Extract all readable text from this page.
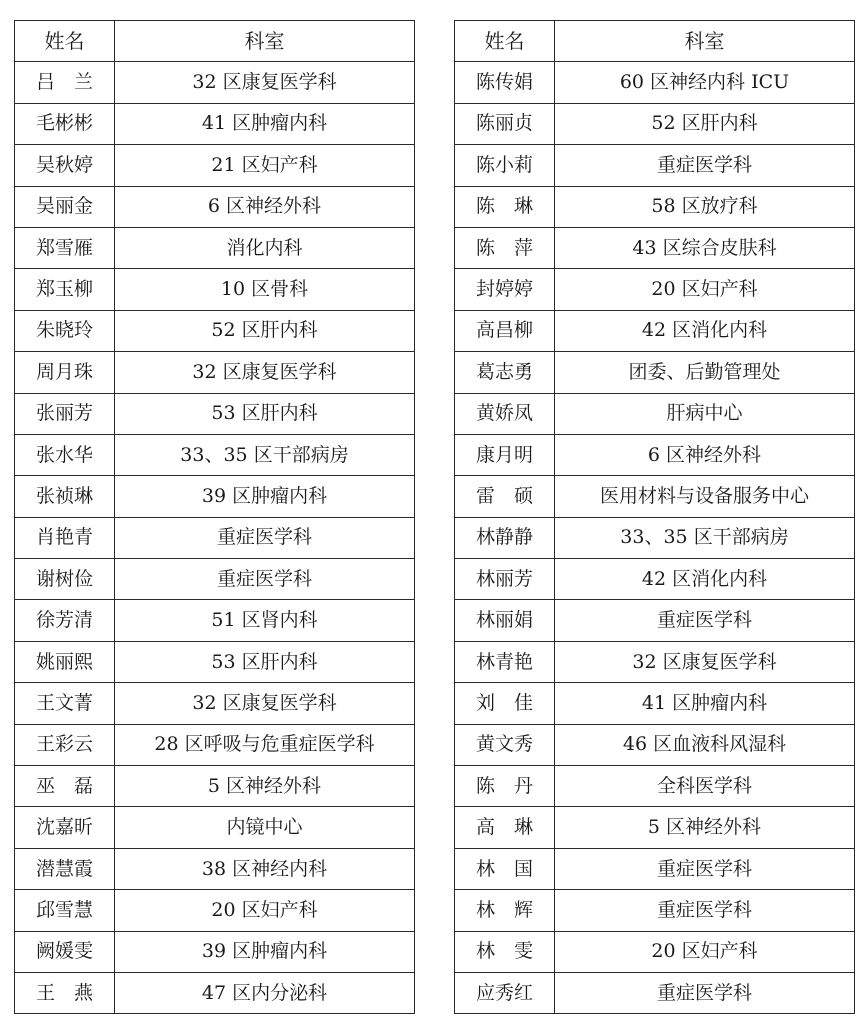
姓名	科室
吕　兰	32 区康复医学科
毛彬彬	41 区肿瘤内科
吴秋婷	21 区妇产科
吴丽金	6 区神经外科
郑雪雁	消化内科
郑玉柳	10 区骨科
朱晓玲	52 区肝内科
周月珠	32 区康复医学科
张丽芳	53 区肝内科
张水华	33、35 区干部病房
张祯琳	39 区肿瘤内科
肖艳青	重症医学科
谢树俭	重症医学科
徐芳清	51 区肾内科
姚丽熙	53 区肝内科
王文菁	32 区康复医学科
王彩云	28 区呼吸与危重症医学科
巫　磊	5 区神经外科
沈嘉昕	内镜中心
潜慧霞	38 区神经内科
邱雪慧	20 区妇产科
阙媛雯	39 区肿瘤内科
王　燕	47 区内分泌科
姓名	科室
陈传娟	60 区神经内科 ICU
陈丽贞	52 区肝内科
陈小莉	重症医学科
陈　琳	58 区放疗科
陈　萍	43 区综合皮肤科
封婷婷	20 区妇产科
高昌柳	42 区消化内科
葛志勇	团委、后勤管理处
黄娇凤	肝病中心
康月明	6 区神经外科
雷　硕	医用材料与设备服务中心
林静静	33、35 区干部病房
林丽芳	42 区消化内科
林丽娟	重症医学科
林青艳	32 区康复医学科
刘　佳	41 区肿瘤内科
黄文秀	46 区血液科风湿科
陈　丹	全科医学科
高　琳	5 区神经外科
林　国	重症医学科
林　辉	重症医学科
林　雯	20 区妇产科
应秀红	重症医学科
